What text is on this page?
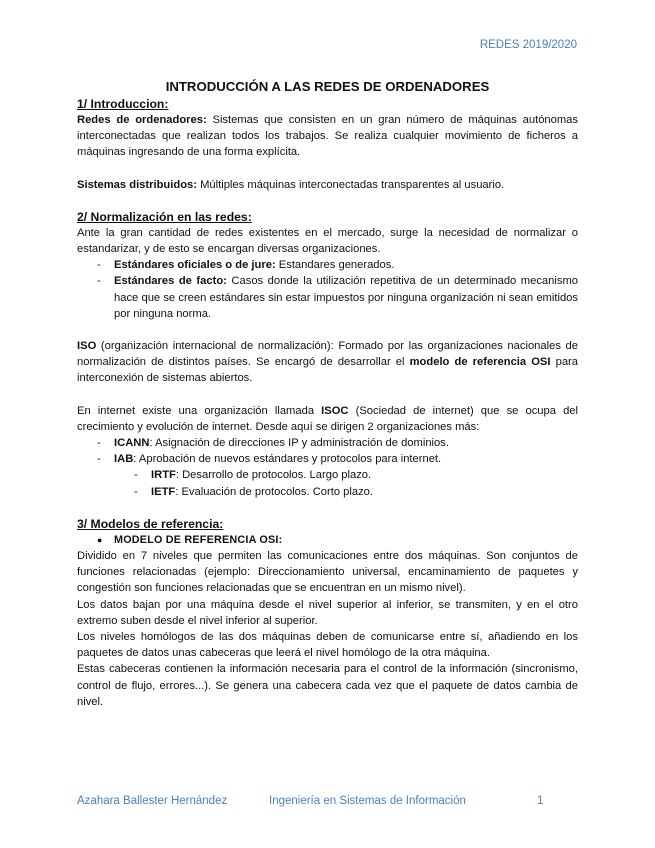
REDES 2019/2020
INTRODUCCIÓN A LAS REDES DE ORDENADORES
1/ Introduccion:

Redes de ordenadores: Sistemas que consisten en un gran número de máquinas autónomas interconectadas que realizan todos los trabajos. Se realiza cualquier movimiento de ficheros a máquinas ingresando de una forma explícita.

Sistemas distribuidos: Múltiples máquinas interconectadas transparentes al usuario.

2/ Normalización en las redes:

Ante la gran cantidad de redes existentes en el mercado, surge la necesidad de normalizar o estandarizar, y de esto se encargan diversas organizaciones.

- Estándares oficiales o de jure: Estandares generados.
- Estándares de facto: Casos donde la utilización repetitiva de un determinado mecanismo hace que se creen estándares sin estar impuestos por ninguna organización ni sean emitidos por ninguna norma.

ISO (organización internacional de normalización): Formado por las organizaciones nacionales de normalización de distintos países. Se encargó de desarrollar el modelo de referencia OSI para interconexión de sistemas abiertos.

En internet existe una organización llamada ISOC (Sociedad de internet) que se ocupa del crecimiento y evolución de internet. Desde aquí se dirigen 2 organizaciones más:

- ICANN: Asignación de direcciones IP y administración de dominios.
- IAB: Aprobación de nuevos estándares y protocolos para internet.
- IRTF: Desarrollo de protocolos. Largo plazo.
- IETF: Evaluación de protocolos. Corto plazo.
3/ Modelos de referencia:
● MODELO DE REFERENCIA OSI:

Dividido en 7 niveles que permiten las comunicaciones entre dos máquinas. Son conjuntos de funciones relacionadas (ejemplo: Direccionamiento universal, encaminamiento de paquetes y congestión son funciones relacionadas que se encuentran en un mismo nivel).

Los datos bajan por una máquina desde el nivel superior al inferior, se transmiten, y en el otro extremo suben desde el nivel inferior al superior.

Los niveles homólogos de las dos máquinas deben de comunicarse entre sí, añadiendo en los paquetes de datos unas cabeceras que leerá el nivel homólogo de la otra máquina.

Estas cabeceras contienen la información necesaria para el control de la información (sincronismo, control de flujo, errores...). Se genera una cabecera cada vez que el paquete de datos cambia de nivel.

Azahara Ballester Hernández	Ingeniería en Sistemas de Información	1
